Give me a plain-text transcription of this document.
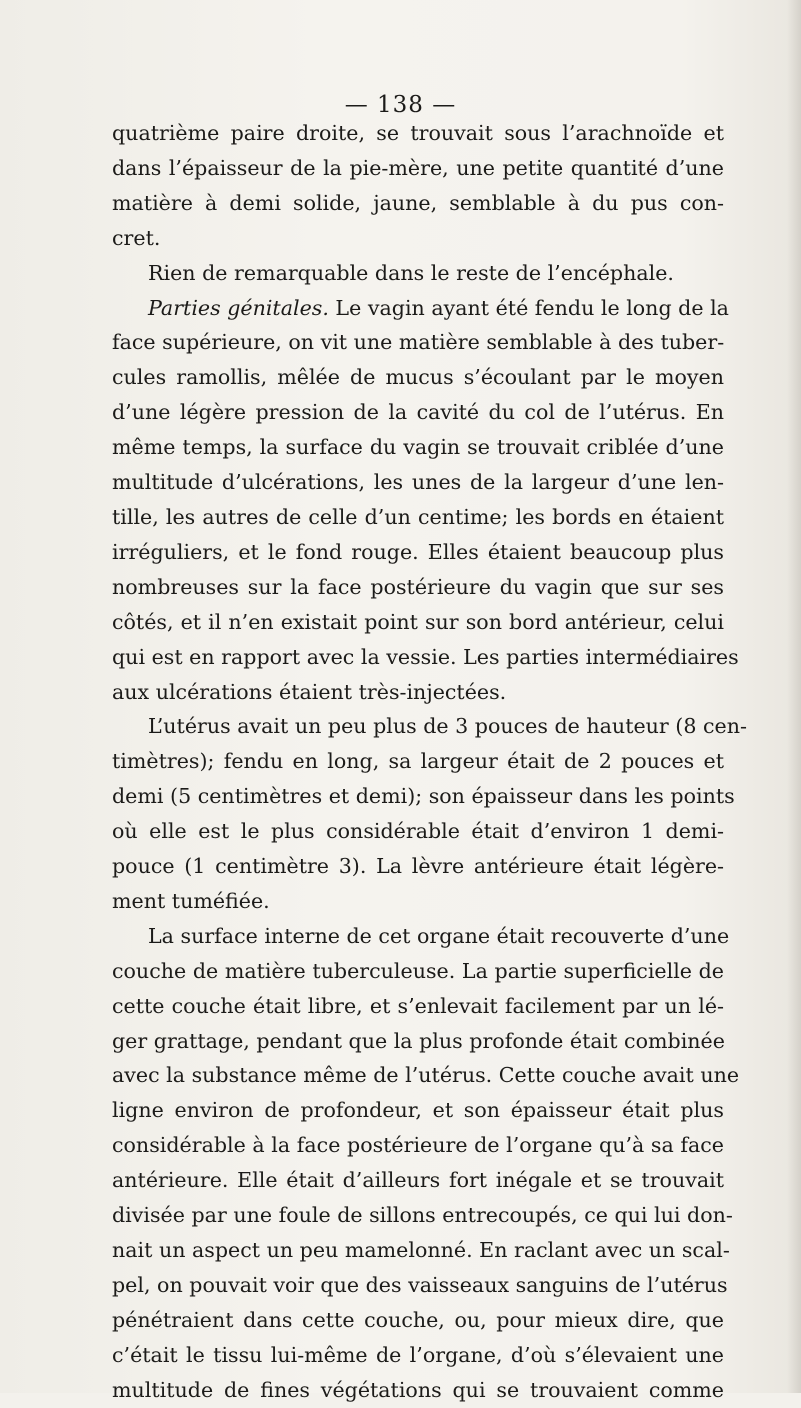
— 138 —
quatrième paire droite, se trouvait sous l’arachnoïde et
dans l’épaisseur de la pie-mère, une petite quantité d’une
matière à demi solide, jaune, semblable à du pus con-
cret.
Rien de remarquable dans le reste de l’encéphale.
Parties génitales. Le vagin ayant été fendu le long de la
face supérieure, on vit une matière semblable à des tuber-
cules ramollis, mêlée de mucus s’écoulant par le moyen
d’une légère pression de la cavité du col de l’utérus. En
même temps, la surface du vagin se trouvait criblée d’une
multitude d’ulcérations, les unes de la largeur d’une len-
tille, les autres de celle d’un centime; les bords en étaient
irréguliers, et le fond rouge. Elles étaient beaucoup plus
nombreuses sur la face postérieure du vagin que sur ses
côtés, et il n’en existait point sur son bord antérieur, celui
qui est en rapport avec la vessie. Les parties intermédiaires
aux ulcérations étaient très-injectées.
L’utérus avait un peu plus de 3 pouces de hauteur (8 cen-
timètres); fendu en long, sa largeur était de 2 pouces et
demi (5 centimètres et demi); son épaisseur dans les points
où elle est le plus considérable était d’environ 1 demi-
pouce (1 centimètre 3). La lèvre antérieure était légère-
ment tuméfiée.
La surface interne de cet organe était recouverte d’une
couche de matière tuberculeuse. La partie superficielle de
cette couche était libre, et s’enlevait facilement par un lé-
ger grattage, pendant que la plus profonde était combinée
avec la substance même de l’utérus. Cette couche avait une
ligne environ de profondeur, et son épaisseur était plus
considérable à la face postérieure de l’organe qu’à sa face
antérieure. Elle était d’ailleurs fort inégale et se trouvait
divisée par une foule de sillons entrecoupés, ce qui lui don-
nait un aspect un peu mamelonné. En raclant avec un scal-
pel, on pouvait voir que des vaisseaux sanguins de l’utérus
pénétraient dans cette couche, ou, pour mieux dire, que
c’était le tissu lui-même de l’organe, d’où s’élevaient une
multitude de fines végétations qui se trouvaient comme
